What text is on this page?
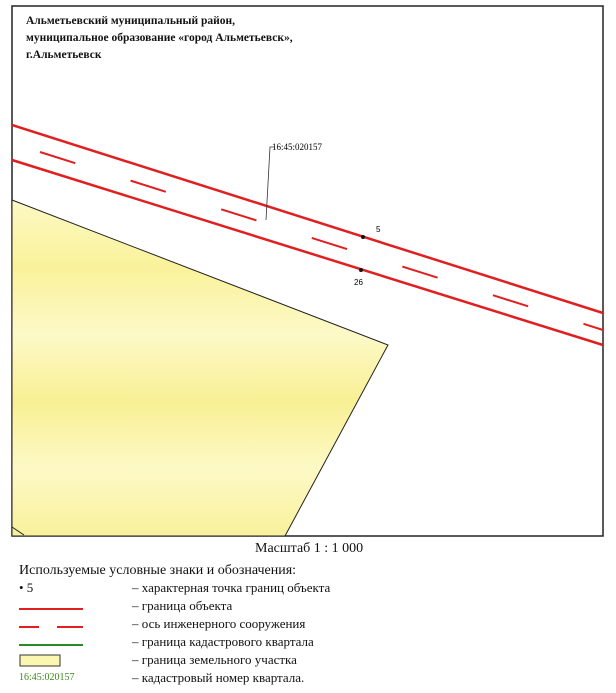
16:45:020157
5
26
Альметьевский муниципальный район,
муниципальное образование «город Альметьевск»,
г.Альметьевск
Масштаб 1 : 1 000
Используемые условные знаки и обозначения:
• 5	– характерная точка границ объекта
– граница объекта
– ось инженерного сооружения
– граница кадастрового квартала
– граница земельного участка
16:45:020157	– кадастровый номер квартала.
